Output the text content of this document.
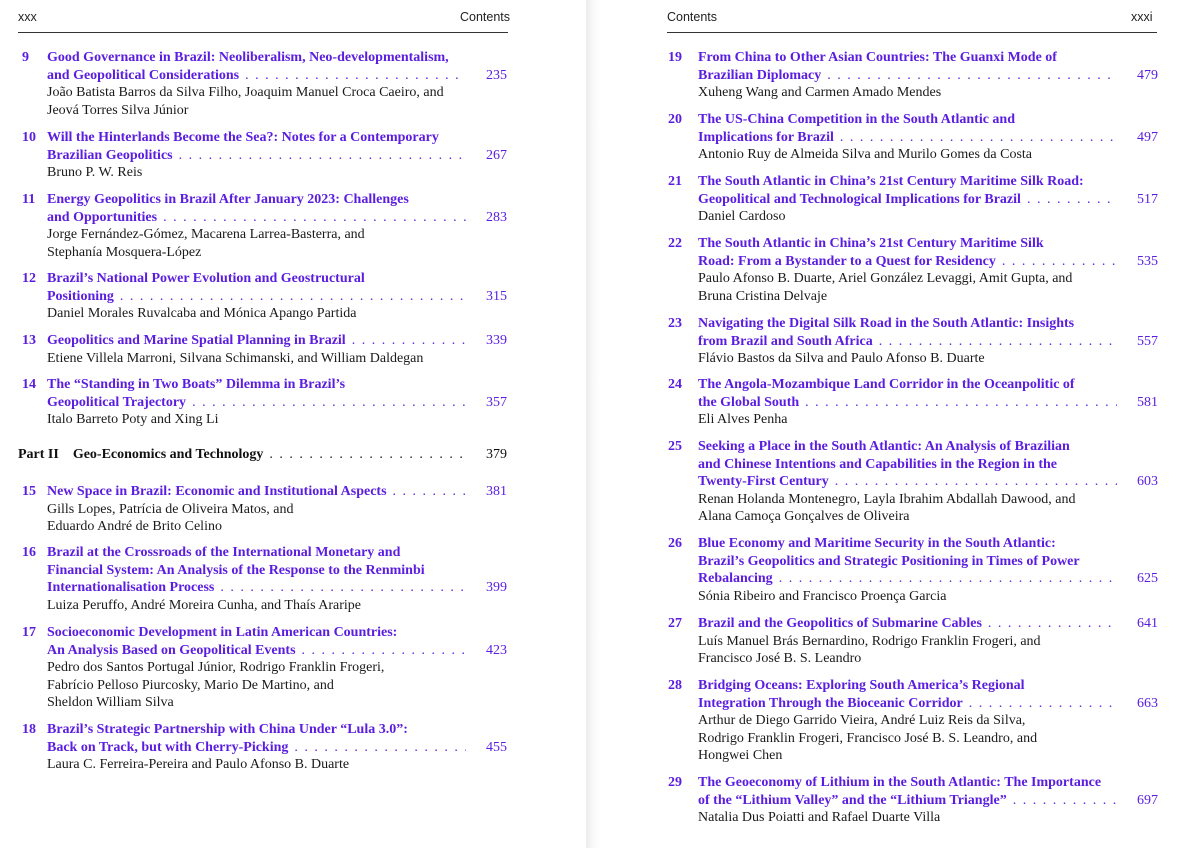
xxx	Contents
9 Good Governance in Brazil: Neoliberalism, Neo-developmentalism,
and Geopolitical Considerations
. . .
João Batista Barros da Silva Filho, Joaquim Manuel Croca Caeiro, and
Jeová Torres Silva Júnior
235
10 Will the Hinterlands Become the Sea?: Notes for a Contemporary
Brazilian Geopolitics
. . .
Bruno P. W. Reis
267
11 Energy Geopolitics in Brazil After January 2023: Challenges
and Opportunities
. . .
Jorge Fernández-Gómez, Macarena Larrea-Basterra, and
Stephanía Mosquera-López
283
12 Brazil’s National Power Evolution and Geostructural
Positioning
. . .
Daniel Morales Ruvalcaba and Mónica Apango Partida
315
13 Geopolitics and Marine Spatial Planning in Brazil
. . .
Etiene Villela Marroni, Silvana Schimanski, and William Daldegan
339
14 The “Standing in Two Boats” Dilemma in Brazil’s
Geopolitical Trajectory
. . .
Italo Barreto Poty and Xing Li
357
15 New Space in Brazil: Economic and Institutional Aspects
. . .
Gills Lopes, Patrícia de Oliveira Matos, and
Eduardo André de Brito Celino
381
16 Brazil at the Crossroads of the International Monetary and
Financial System: An Analysis of the Response to the Renminbi
Internationalisation Process
. . .
Luiza Peruffo, André Moreira Cunha, and Thaís Araripe
399
17 Socioeconomic Development in Latin American Countries:
An Analysis Based on Geopolitical Events
. . .
Pedro dos Santos Portugal Júnior, Rodrigo Franklin Frogeri,
Fabrício Pelloso Piurcosky, Mario De Martino, and
Sheldon William Silva
423
18 Brazil’s Strategic Partnership with China Under “Lula 3.0”:
Back on Track, but with Cherry-Picking
. . .
Laura C. Ferreira-Pereira and Paulo Afonso B. Duarte
455
Part II Geo-Economics and Technology
. . .	379
Contents	xxxi
19 From China to Other Asian Countries: The Guanxi Mode of
Brazilian Diplomacy
. . .
Xuheng Wang and Carmen Amado Mendes
479
20 The US-China Competition in the South Atlantic and
Implications for Brazil
. . .
Antonio Ruy de Almeida Silva and Murilo Gomes da Costa
497
21 The South Atlantic in China’s 21st Century Maritime Silk Road:
Geopolitical and Technological Implications for Brazil
. . .
Daniel Cardoso
517
22 The South Atlantic in China’s 21st Century Maritime Silk
Road: From a Bystander to a Quest for Residency
. . .
Paulo Afonso B. Duarte, Ariel González Levaggi, Amit Gupta, and
Bruna Cristina Delvaje
535
23 Navigating the Digital Silk Road in the South Atlantic: Insights
from Brazil and South Africa
. . .
Flávio Bastos da Silva and Paulo Afonso B. Duarte
557
24 The Angola-Mozambique Land Corridor in the Oceanpolitic of
the Global South
. . .
Eli Alves Penha
581
25 Seeking a Place in the South Atlantic: An Analysis of Brazilian
and Chinese Intentions and Capabilities in the Region in the
Twenty-First Century
. . .
Renan Holanda Montenegro, Layla Ibrahim Abdallah Dawood, and
Alana Camoça Gonçalves de Oliveira
603
26 Blue Economy and Maritime Security in the South Atlantic:
Brazil’s Geopolitics and Strategic Positioning in Times of Power
Rebalancing
. . .
Sónia Ribeiro and Francisco Proença Garcia
625
27 Brazil and the Geopolitics of Submarine Cables
. . .
Luís Manuel Brás Bernardino, Rodrigo Franklin Frogeri, and
Francisco José B. S. Leandro
641
28 Bridging Oceans: Exploring South America’s Regional
Integration Through the Bioceanic Corridor
. . .
Arthur de Diego Garrido Vieira, André Luiz Reis da Silva,
Rodrigo Franklin Frogeri, Francisco José B. S. Leandro, and
Hongwei Chen
663
29 The Geoeconomy of Lithium in the South Atlantic: The Importance
of the “Lithium Valley” and the “Lithium Triangle”
. . .
Natalia Dus Poiatti and Rafael Duarte Villa
697
